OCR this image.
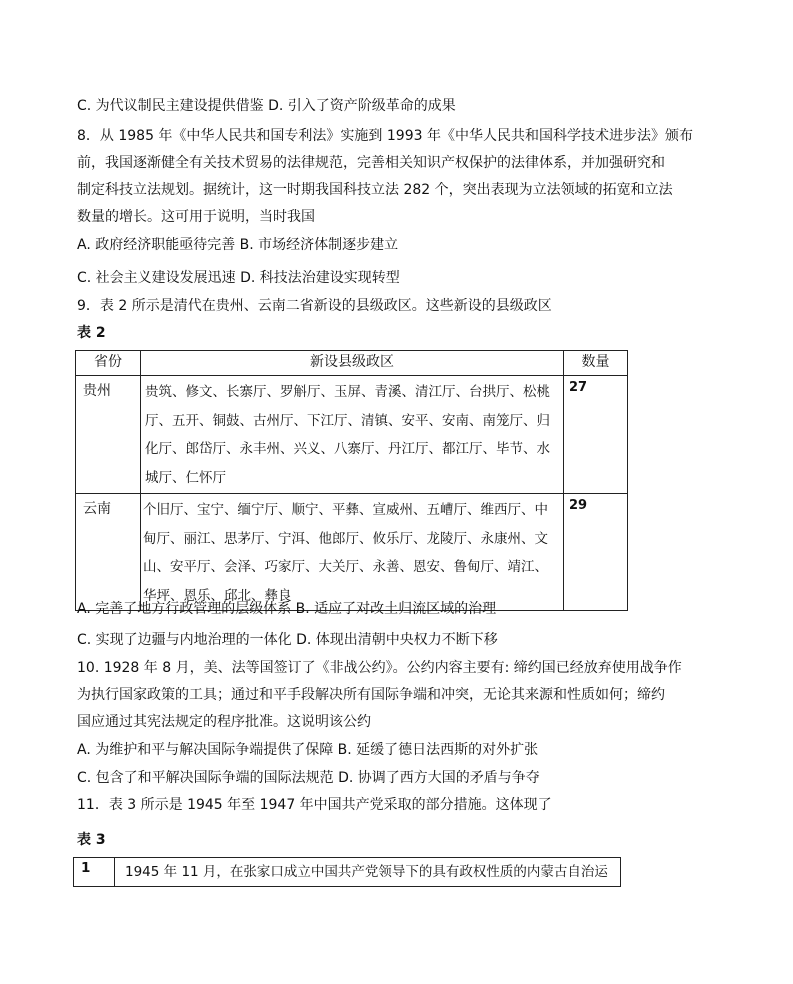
C. 为代议制民主建设提供借鉴 D. 引入了资产阶级革命的成果
8．从 1985 年《中华人民共和国专利法》实施到 1993 年《中华人民共和国科学技术进步法》颁布
前，我国逐渐健全有关技术贸易的法律规范，完善相关知识产权保护的法律体系，并加强研究和
制定科技立法规划。据统计，这一时期我国科技立法 282 个，突出表现为立法领域的拓宽和立法
数量的增长。这可用于说明，当时我国
A. 政府经济职能亟待完善 B. 市场经济体制逐步建立
C. 社会主义建设发展迅速 D. 科技法治建设实现转型
9．表 2 所示是清代在贵州、云南二省新设的县级政区。这些新设的县级政区
表 2
省份	新设县级政区	数量
贵州	贵筑、修文、长寨厅、罗斛厅、玉屏、青溪、清江厅、台拱厅、松桃厅、五开、铜鼓、古州厅、下江厅、清镇、安平、安南、南笼厅、归化厅、郎岱厅、永丰州、兴义、八寨厅、丹江厅、都江厅、毕节、水城厅、仁怀厅	27
云南	个旧厅、宝宁、缅宁厅、顺宁、平彝、宣威州、五嶆厅、维西厅、中甸厅、丽江、思茅厅、宁洱、他郎厅、攸乐厅、龙陵厅、永康州、文山、安平厅、会泽、巧家厅、大关厅、永善、恩安、鲁甸厅、靖江、华坪、恩乐、邱北、彝良	29
A. 完善了地方行政管理的层级体系 B. 适应了对改土归流区域的治理
C. 实现了边疆与内地治理的一体化 D. 体现出清朝中央权力不断下移
10. 1928 年 8 月，美、法等国签订了《非战公约》。公约内容主要有: 缔约国已经放弃使用战争作
为执行国家政策的工具；通过和平手段解决所有国际争端和冲突，无论其来源和性质如何；缔约
国应通过其宪法规定的程序批准。这说明该公约
A. 为维护和平与解决国际争端提供了保障 B. 延缓了德日法西斯的对外扩张
C. 包含了和平解决国际争端的国际法规范 D. 协调了西方大国的矛盾与争夺
11．表 3 所示是 1945 年至 1947 年中国共产党采取的部分措施。这体现了
表 3
1	1945 年 11 月，在张家口成立中国共产党领导下的具有政权性质的内蒙古自治运
